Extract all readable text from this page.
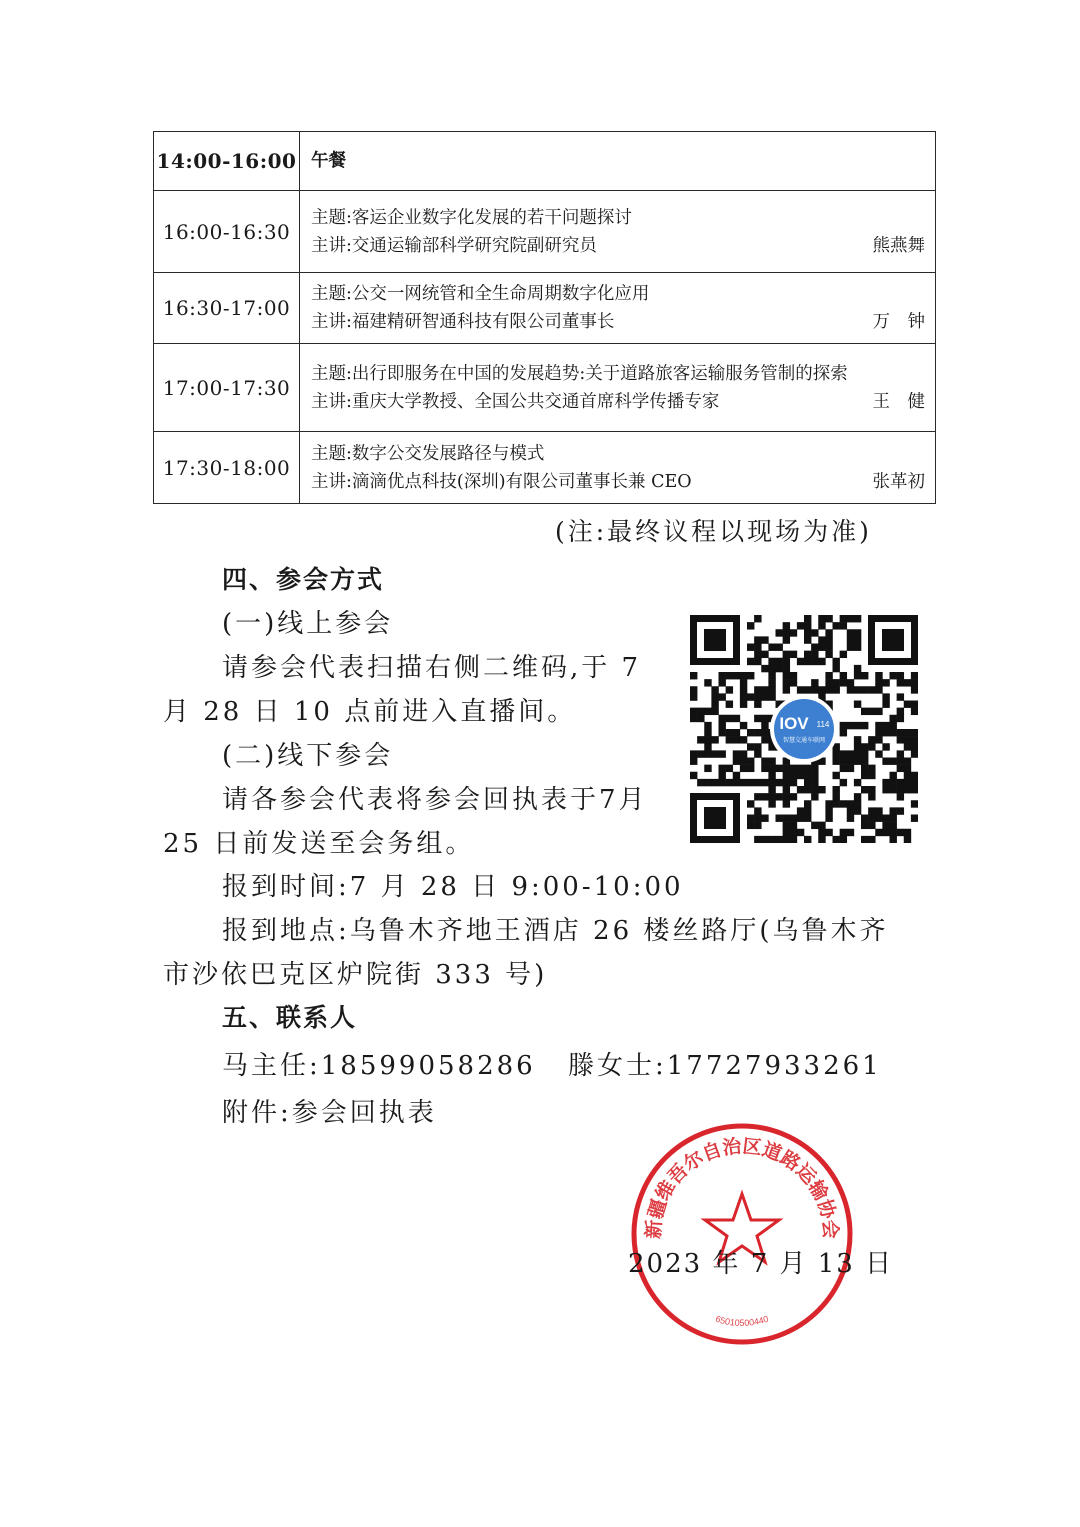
14:00-16:00	午餐
16:00-16:30	主题:客运企业数字化发展的若干问题探讨
主讲:交通运输部科学研究院副研究员 熊燕舞

16:30-17:00	主题:公交一网统管和全生命周期数字化应用
主讲:福建精研智通科技有限公司董事长 万　钟

17:00-17:30	主题:出行即服务在中国的发展趋势:关于道路旅客运输服务管制的探索
主讲:重庆大学教授、全国公共交通首席科学传播专家 王　健

17:30-18:00	主题:数字公交发展路径与模式
主讲:滴滴优点科技(深圳)有限公司董事长兼 CEO 张革初
(注:最终议程以现场为准)
四、参会方式
(一)线上参会
请参会代表扫描右侧二维码,于 7
月 28 日 10 点前进入直播间。
(二)线下参会
请各参会代表将参会回执表于7月
25 日前发送至会务组。
报到时间:7 月 28 日 9:00-10:00
报到地点:乌鲁木齐地王酒店 26 楼丝路厅(乌鲁木齐
市沙依巴克区炉院街 333 号)
五、联系人
马主任:18599058286 滕女士:17727933261
附件:参会回执表
IOV 114
智慧交通车联网
新疆维吾尔自治区道路运输协会
65010500440
2023 年 7 月 13 日
